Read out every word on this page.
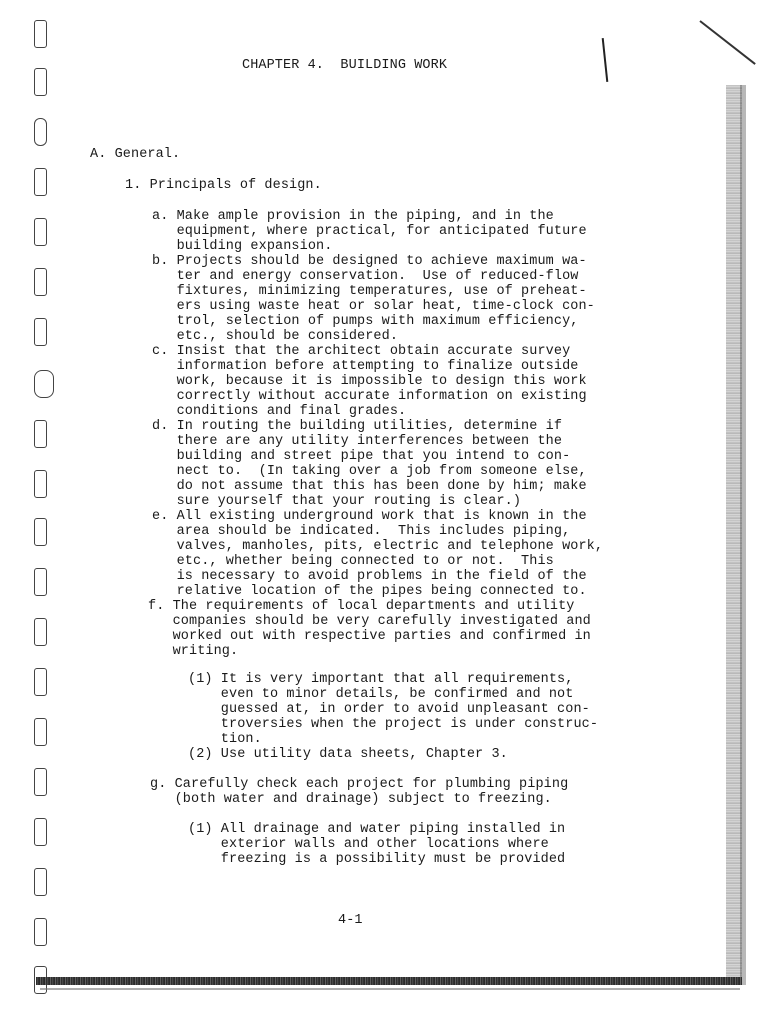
CHAPTER 4.  BUILDING WORK
A. General.
1. Principals of design.
a. Make ample provision in the piping, and in the
equipment, where practical, for anticipated future
building expansion.
b. Projects should be designed to achieve maximum wa-
ter and energy conservation.  Use of reduced-flow
fixtures, minimizing temperatures, use of preheat-
ers using waste heat or solar heat, time-clock con-
trol, selection of pumps with maximum efficiency,
etc., should be considered.
c. Insist that the architect obtain accurate survey
information before attempting to finalize outside
work, because it is impossible to design this work
correctly without accurate information on existing
conditions and final grades.
d. In routing the building utilities, determine if
there are any utility interferences between the
building and street pipe that you intend to con-
nect to.  (In taking over a job from someone else,
do not assume that this has been done by him; make
sure yourself that your routing is clear.)
e. All existing underground work that is known in the
area should be indicated.  This includes piping,
valves, manholes, pits, electric and telephone work,
etc., whether being connected to or not.  This
is necessary to avoid problems in the field of the
relative location of the pipes being connected to.
f. The requirements of local departments and utility
companies should be very carefully investigated and
worked out with respective parties and confirmed in
writing.
(1) It is very important that all requirements,
even to minor details, be confirmed and not
guessed at, in order to avoid unpleasant con-
troversies when the project is under construc-
tion.
(2) Use utility data sheets, Chapter 3.
g. Carefully check each project for plumbing piping
(both water and drainage) subject to freezing.
(1) All drainage and water piping installed in
exterior walls and other locations where
freezing is a possibility must be provided
4-1
